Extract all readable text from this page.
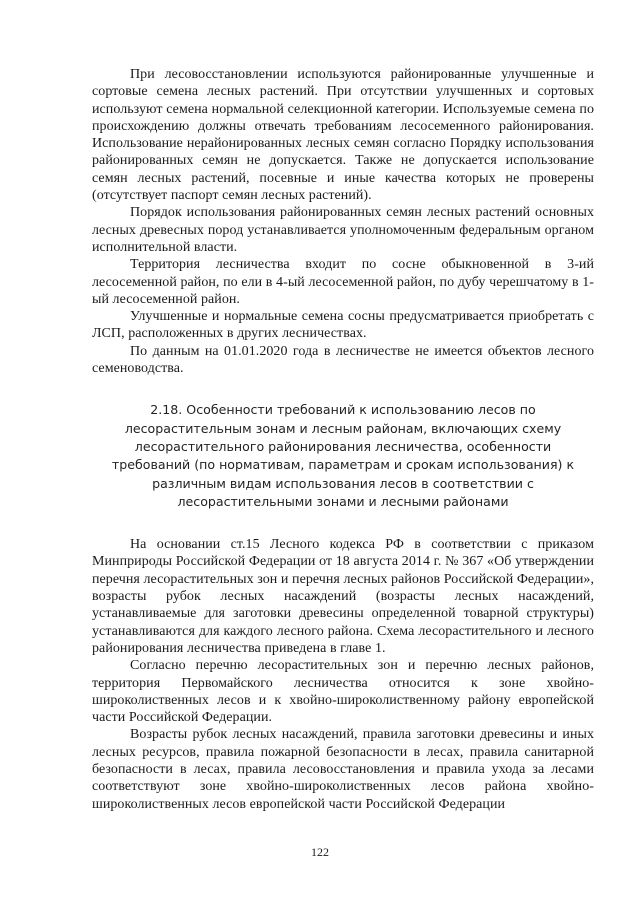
При лесовосстановлении используются районированные улучшенные и сортовые семена лесных растений. При отсутствии улучшенных и сортовых используют семена нормальной селекционной категории. Используемые семена по происхождению должны отвечать требованиям лесосеменного районирования. Использование нерайонированных лесных семян согласно Порядку использования районированных семян не допускается. Также не допускается использование семян лесных растений, посевные и иные качества которых не проверены (отсутствует паспорт семян лесных растений).

Порядок использования районированных семян лесных растений основных лесных древесных пород устанавливается уполномоченным федеральным органом исполнительной власти.

Территория лесничества входит по сосне обыкновенной в 3-ий лесосеменной район, по ели в 4-ый лесосеменной район, по дубу черешчатому в 1-ый лесосеменной район.

Улучшенные и нормальные семена сосны предусматривается приобретать с ЛСП, расположенных в других лесничествах.

По данным на 01.01.2020 года в лесничестве не имеется объектов лесного семеноводства.

2.18. Особенности требований к использованию лесов по лесорастительным зонам и лесным районам, включающих схему лесорастительного районирования лесничества, особенности требований (по нормативам, параметрам и срокам использования) к различным видам использования лесов в соответствии с лесорастительными зонами и лесными районами

На основании ст.15 Лесного кодекса РФ в соответствии с приказом Минприроды Российской Федерации от 18 августа 2014 г. № 367 «Об утверждении перечня лесорастительных зон и перечня лесных районов Российской Федерации», возрасты рубок лесных насаждений (возрасты лесных насаждений, устанавливаемые для заготовки древесины определенной товарной структуры) устанавливаются для каждого лесного района. Схема лесорастительного и лесного районирования лесничества приведена в главе 1.

Согласно перечню лесорастительных зон и перечню лесных районов, территория Первомайского лесничества относится к зоне хвойно-широколиственных лесов и к хвойно-широколиственному району европейской части Российской Федерации.

Возрасты рубок лесных насаждений, правила заготовки древесины и иных лесных ресурсов, правила пожарной безопасности в лесах, правила санитарной безопасности в лесах, правила лесовосстановления и правила ухода за лесами соответствуют зоне хвойно-широколиственных лесов района хвойно-широколиственных лесов европейской части Российской Федерации

122
